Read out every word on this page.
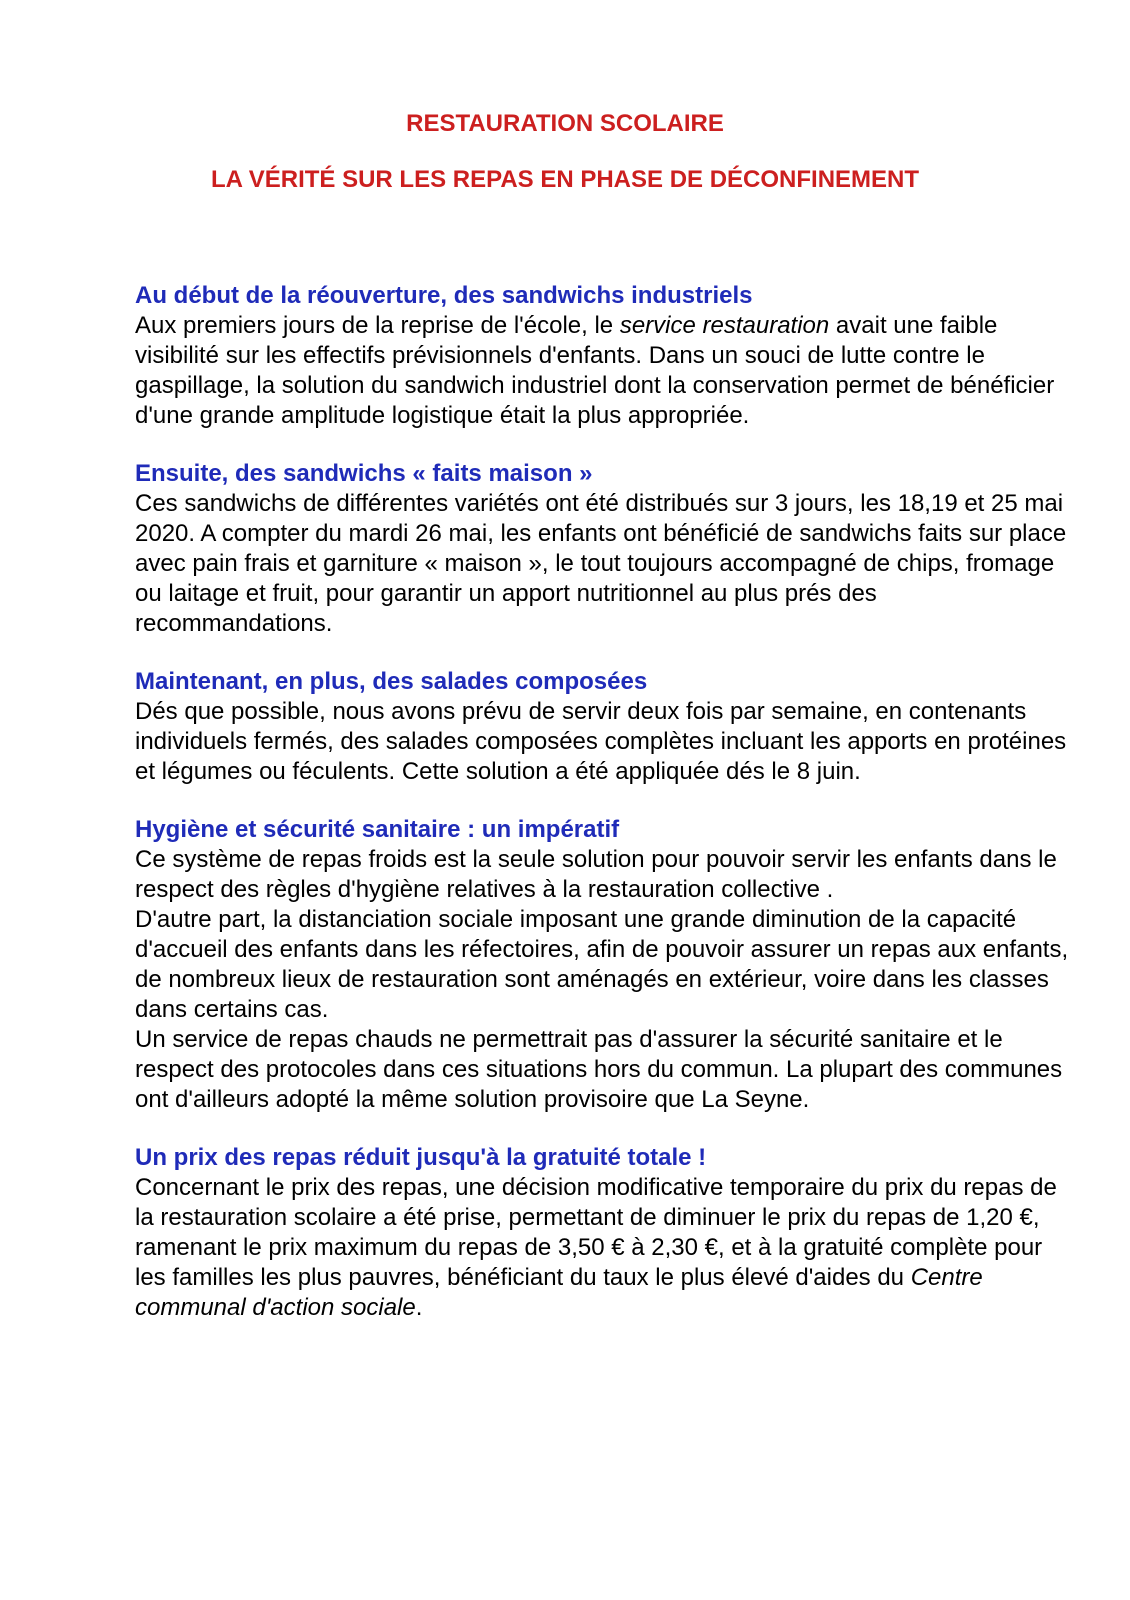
RESTAURATION SCOLAIRE
LA VÉRITÉ SUR LES REPAS EN PHASE DE DÉCONFINEMENT
Au début de la réouverture, des sandwichs industriels

Aux premiers jours de la reprise de l'école, le service restauration avait une faible visibilité sur les effectifs prévisionnels d'enfants. Dans un souci de lutte contre le gaspillage, la solution du sandwich industriel dont la conservation permet de bénéficier d'une grande amplitude logistique était la plus appropriée.

Ensuite, des sandwichs « faits maison »

Ces sandwichs de différentes variétés ont été distribués sur 3 jours, les 18,19 et 25 mai 2020. A compter du mardi 26 mai, les enfants ont bénéficié de sandwichs faits sur place avec pain frais et garniture « maison », le tout toujours accompagné de chips, fromage ou laitage et fruit, pour garantir un apport nutritionnel au plus prés des recommandations.

Maintenant, en plus, des salades composées

Dés que possible, nous avons prévu de servir deux fois par semaine, en contenants individuels fermés, des salades composées complètes incluant les apports en protéines et légumes ou féculents. Cette solution a été appliquée dés le 8 juin.

Hygiène et sécurité sanitaire : un impératif

Ce système de repas froids est la seule solution pour pouvoir servir les enfants dans le respect des règles d'hygiène relatives à la restauration collective .

D'autre part, la distanciation sociale imposant une grande diminution de la capacité d'accueil des enfants dans les réfectoires, afin de pouvoir assurer un repas aux enfants, de nombreux lieux de restauration sont aménagés en extérieur, voire dans les classes dans certains cas.

Un service de repas chauds ne permettrait pas d'assurer la sécurité sanitaire et le respect des protocoles dans ces situations hors du commun. La plupart des communes ont d'ailleurs adopté la même solution provisoire que La Seyne.

Un prix des repas réduit jusqu'à la gratuité totale !

Concernant le prix des repas, une décision modificative temporaire du prix du repas de la restauration scolaire a été prise, permettant de diminuer le prix du repas de 1,20 €, ramenant le prix maximum du repas de 3,50 € à 2,30 €, et à la gratuité complète pour les familles les plus pauvres, bénéficiant du taux le plus élevé d'aides du Centre communal d'action sociale.
